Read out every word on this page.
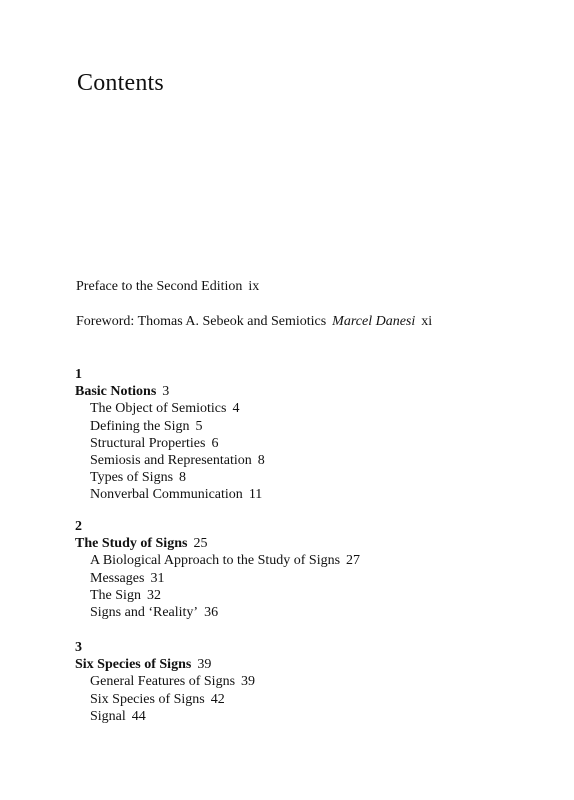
Contents
Preface to the Second Edition ix
Foreword: Thomas A. Sebeok and Semiotics Marcel Danesi xi
1
Basic Notions 3
The Object of Semiotics 4
Defining the Sign 5
Structural Properties 6
Semiosis and Representation 8
Types of Signs 8
Nonverbal Communication 11
2
The Study of Signs 25
A Biological Approach to the Study of Signs 27
Messages 31
The Sign 32
Signs and ‘Reality’ 36
3
Six Species of Signs 39
General Features of Signs 39
Six Species of Signs 42
Signal 44
